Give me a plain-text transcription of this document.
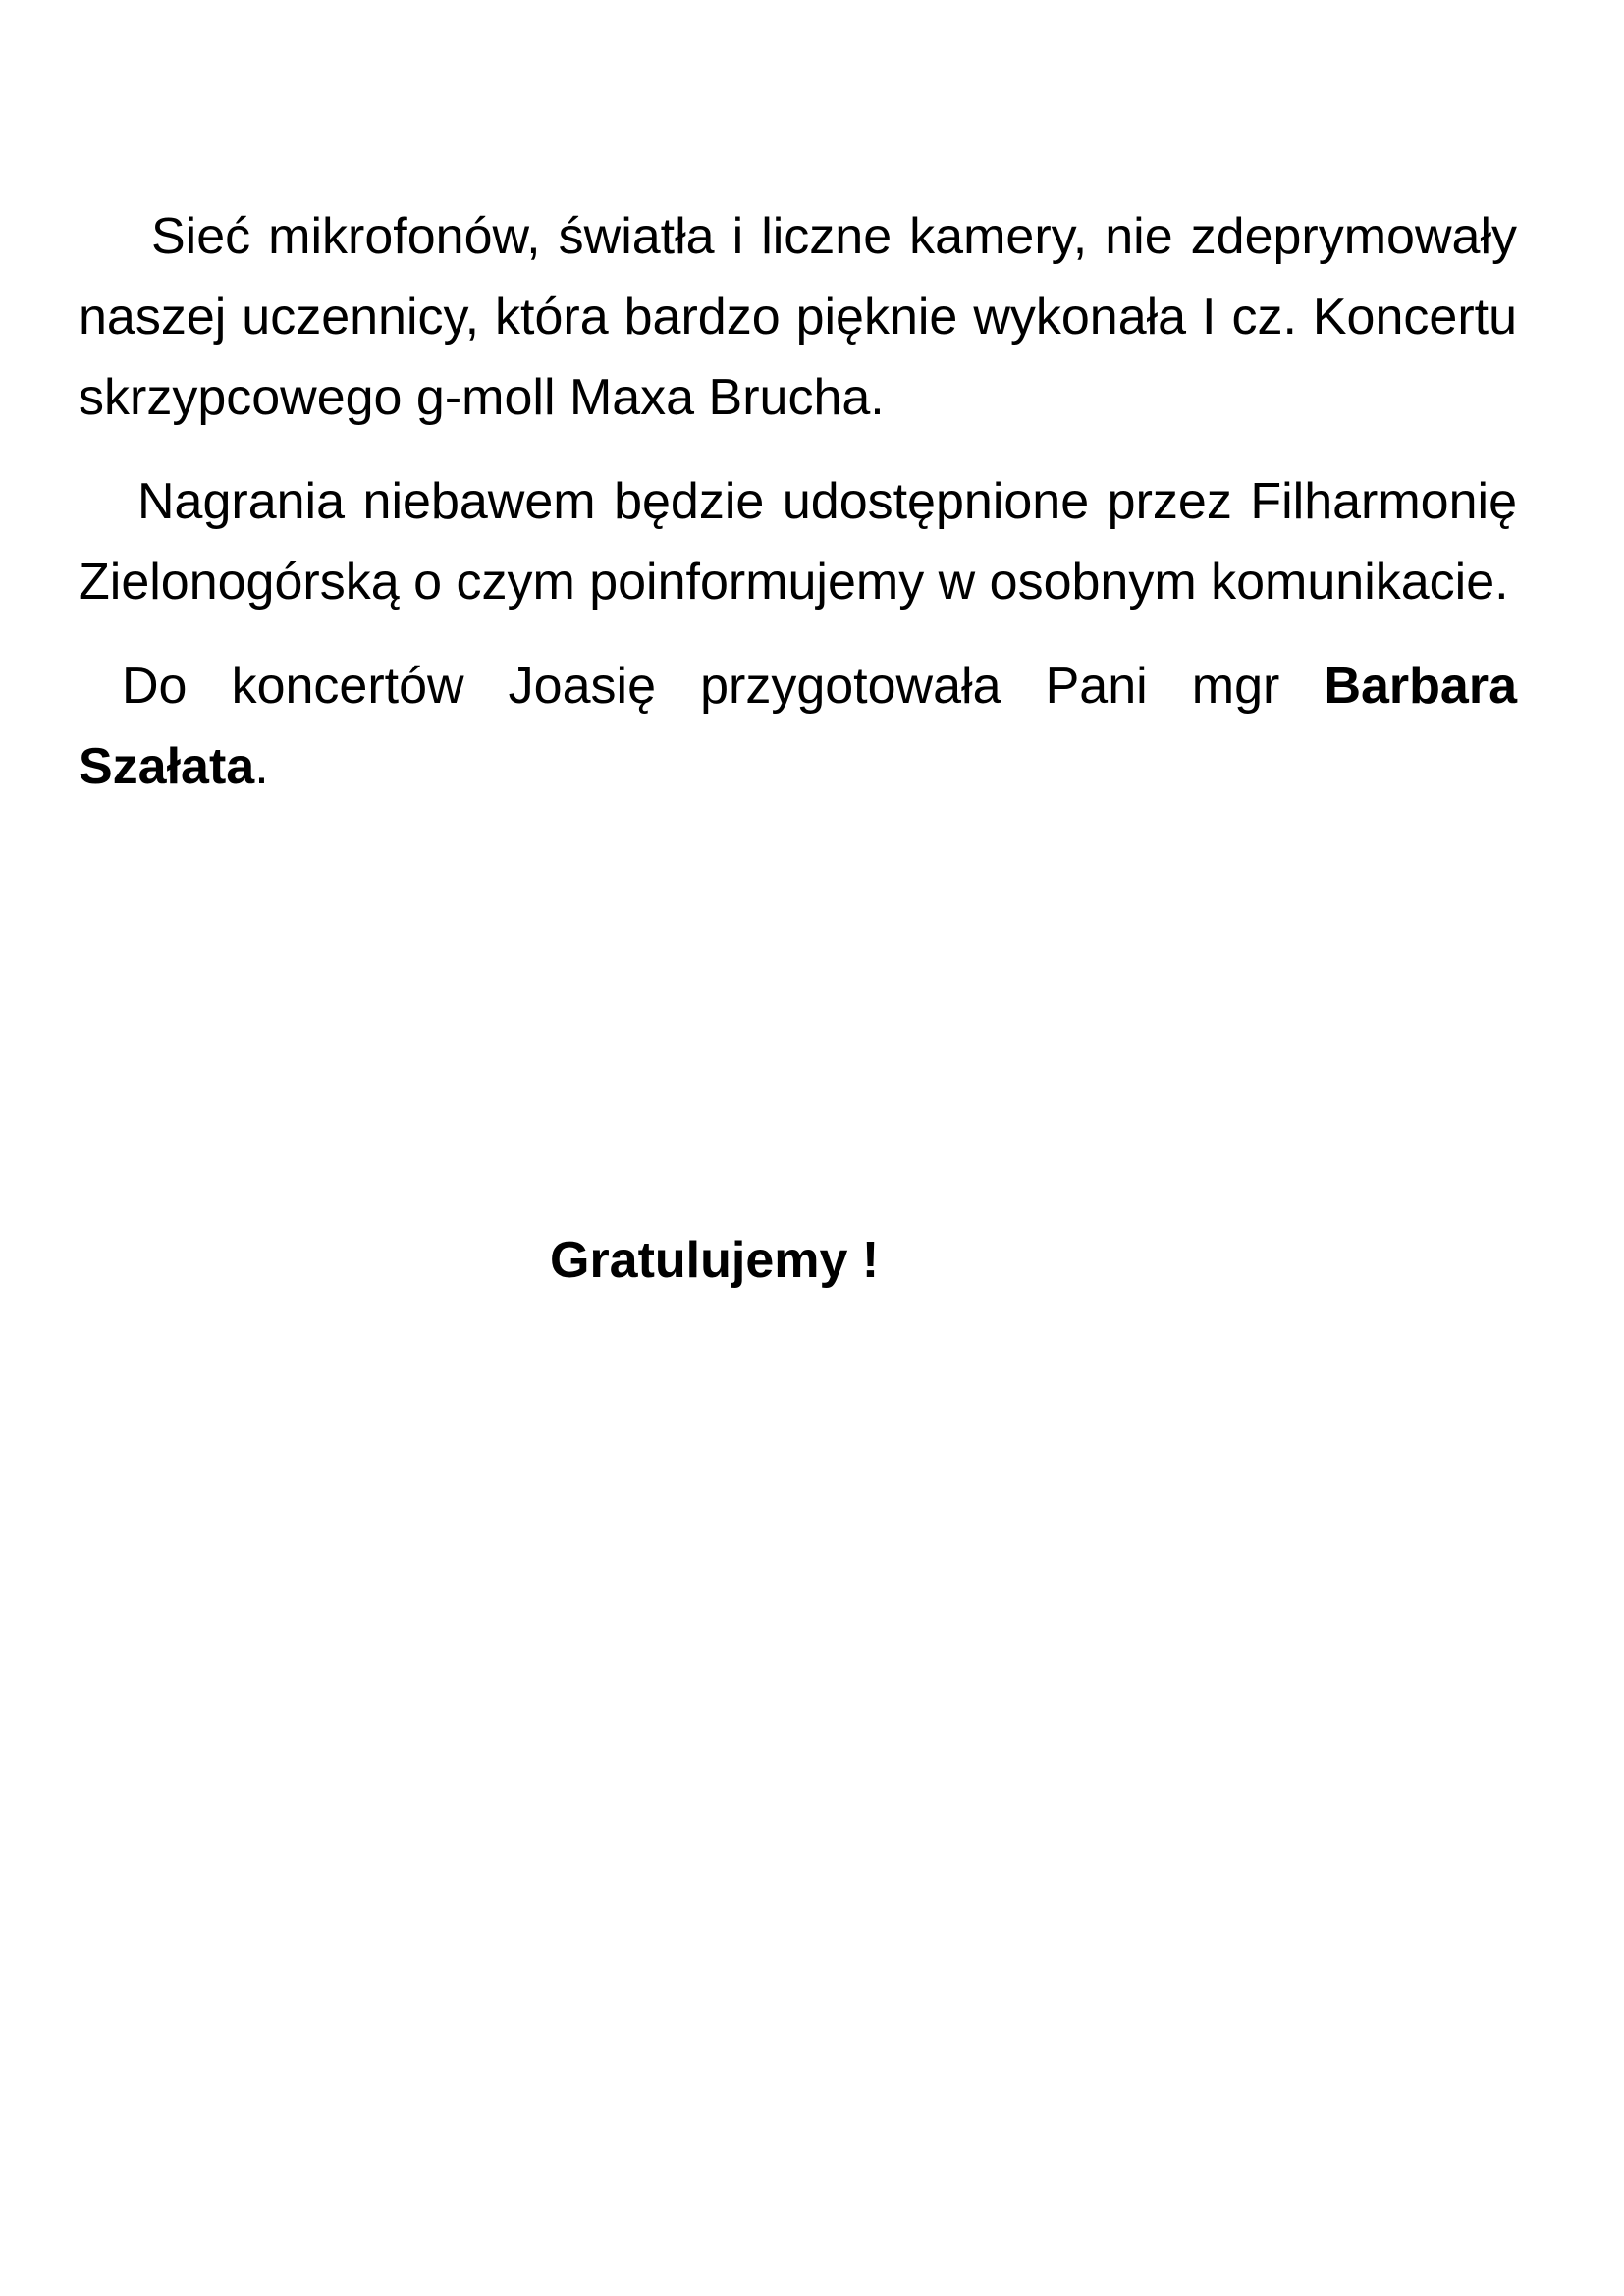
Sieć mikrofonów, światła i liczne kamery, nie zdeprymowały naszej uczennicy, która bardzo pięknie wykonała I cz. Koncertu skrzypcowego g-moll Maxa Brucha.

Nagrania niebawem będzie udostępnione przez Filharmonię Zielonogórską o czym poinformujemy w osobnym komunikacie.

Do koncertów Joasię przygotowała Pani mgr Barbara Szałata.

Gratulujemy !
